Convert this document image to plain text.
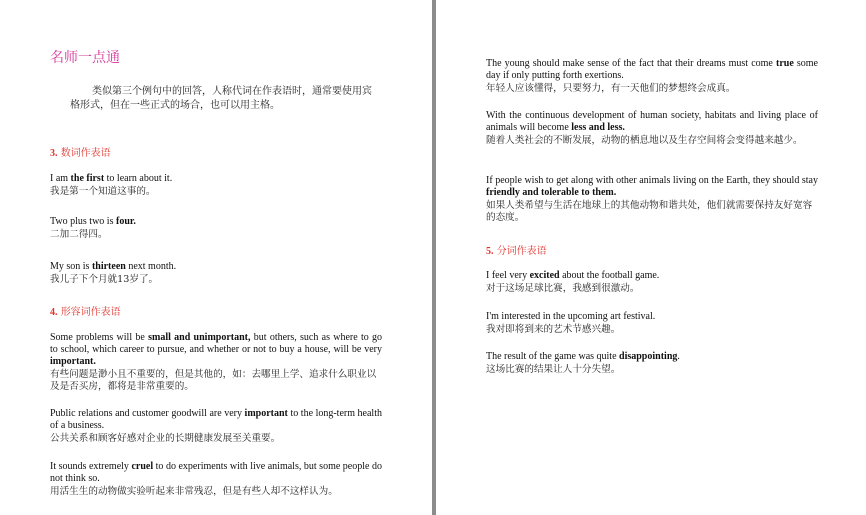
名师一点通
类似第三个例句中的回答，人称代词在作表语时，通常要使用宾格形式，但在一些正式的场合，也可以用主格。
3. 数词作表语
I am the first to learn about it.
我是第一个知道这事的。
Two plus two is four.
二加二得四。
My son is thirteen next month.
我儿子下个月就13岁了。
4. 形容词作表语
Some problems will be small and unimportant, but others, such as where to go to school, which career to pursue, and whether or not to buy a house, will be very important.
有些问题是渺小且不重要的，但是其他的，如：去哪里上学、追求什么职业以及是否买房，都将是非常重要的。
Public relations and customer goodwill are very important to the long-term health of a business.
公共关系和顾客好感对企业的长期健康发展至关重要。
It sounds extremely cruel to do experiments with live animals, but some people do not think so.
用活生生的动物做实验听起来非常残忍，但是有些人却不这样认为。
The young should make sense of the fact that their dreams must come true some day if only putting forth exertions.
年轻人应该懂得，只要努力，有一天他们的梦想终会成真。
With the continuous development of human society, habitats and living place of animals will become less and less.
随着人类社会的不断发展，动物的栖息地以及生存空间将会变得越来越少。
If people wish to get along with other animals living on the Earth, they should stay friendly and tolerable to them.
如果人类希望与生活在地球上的其他动物和谐共处，他们就需要保持友好宽容的态度。
5. 分词作表语
I feel very excited about the football game.
对于这场足球比赛，我感到很激动。
I'm interested in the upcoming art festival.
我对即将到来的艺术节感兴趣。
The result of the game was quite disappointing.
这场比赛的结果让人十分失望。
